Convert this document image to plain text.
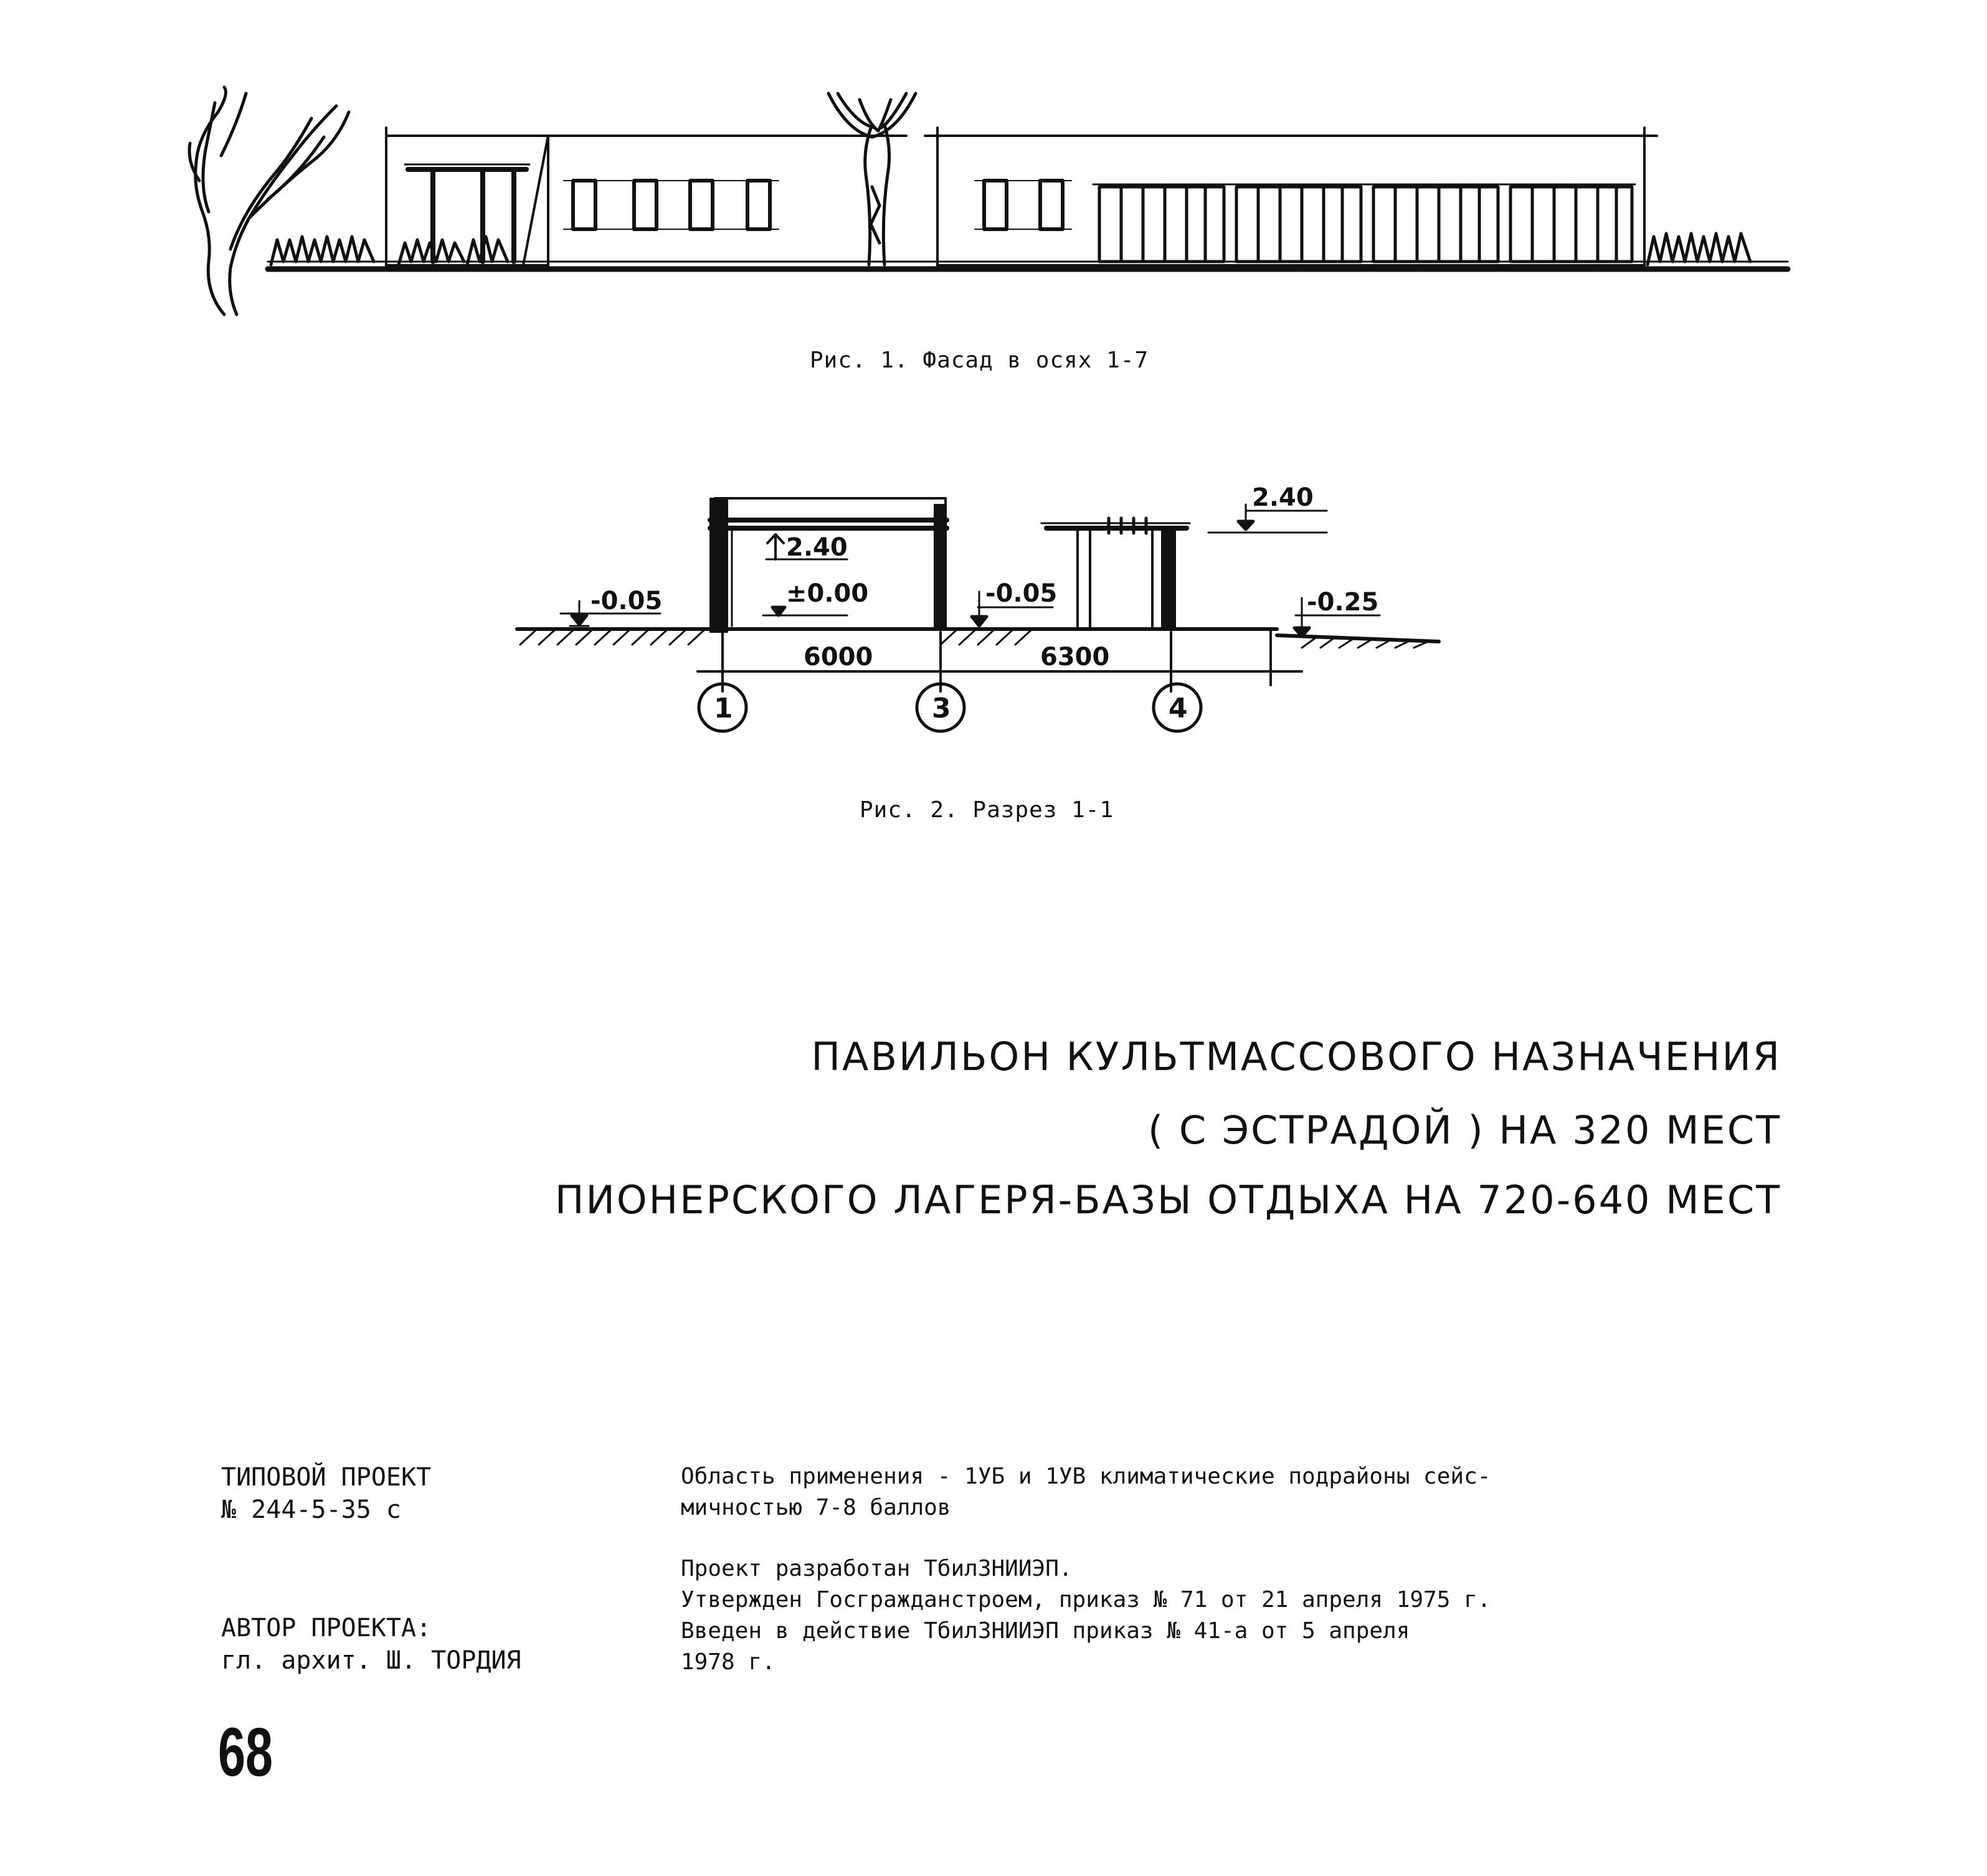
Рис. 1. Фасад в осях 1-7
-0.05
2.40
±0.00	-0.05
2.40
-0.25
6000	6300
1	3	4
Рис. 2. Разрез 1-1
ПАВИЛЬОН КУЛЬТМАССОВОГО НАЗНАЧЕНИЯ
( С ЭСТРАДОЙ ) НА 320 МЕСТ
ПИОНЕРСКОГО ЛАГЕРЯ-БАЗЫ ОТДЫХА НА 720-640 МЕСТ
ТИПОВОЙ ПРОЕКТ
№ 244-5-35 с
АВТОР ПРОЕКТА:
гл. архит. Ш. ТОРДИЯ
Область применения - 1УБ и 1УВ климатические подрайоны сейс-
мичностью 7-8 баллов
Проект разработан ТбилЗНИИЭП.
Утвержден Госгражданстроем, приказ № 71 от 21 апреля 1975 г.
Введен в действие ТбилЗНИИЭП приказ № 41-а от 5 апреля
1978 г.
68
